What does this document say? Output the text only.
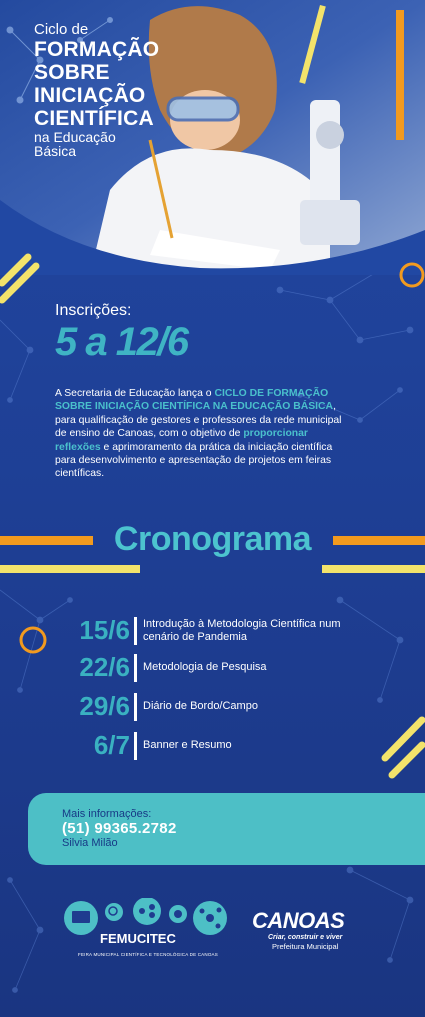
Ciclo de
FORMAÇÃO
SOBRE
INICIAÇÃO
CIENTÍFICA
na Educação
Básica
Inscrições:
5 a 12/6
A Secretaria de Educação lança o CICLO DE FORMAÇÃO SOBRE INICIAÇÃO CIENTÍFICA NA EDUCAÇÃO BÁSICA, para qualificação de gestores e professores da rede municipal de ensino de Canoas, com o objetivo de proporcionar reflexões e aprimoramento da prática da iniciação científica para desenvolvimento e apresentação de projetos em feiras científicas.
Cronograma
15/6	Introdução à Metodologia Científica num cenário de Pandemia
22/6	Metodologia de Pesquisa
29/6	Diário de Bordo/Campo
6/7	Banner e Resumo
Mais informações:
(51) 99365.2782
Silvia Milão
FEMUCITEC
FEIRA MUNICIPAL CIENTÍFICA E TECNOLÓGICA DE CANOAS
CANOAS
Criar, construir e viver
Prefeitura Municipal
